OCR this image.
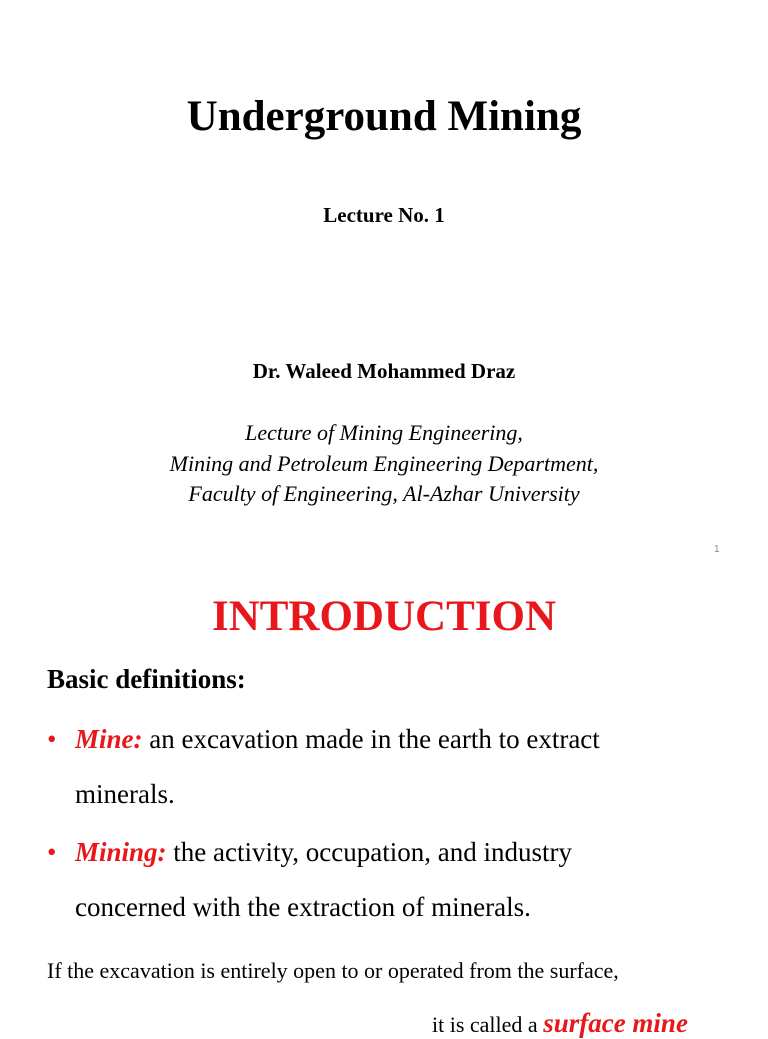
Underground Mining
Lecture No. 1
Dr. Waleed Mohammed Draz
Lecture of Mining Engineering,
Mining and Petroleum Engineering Department,
Faculty of Engineering, Al-Azhar University
1
INTRODUCTION
Basic definitions:
• Mine: an excavation made in the earth to extract
minerals.
• Mining: the activity, occupation, and industry
concerned with the extraction of minerals.
If the excavation is entirely open to or operated from the surface,
it is called a surface mine
